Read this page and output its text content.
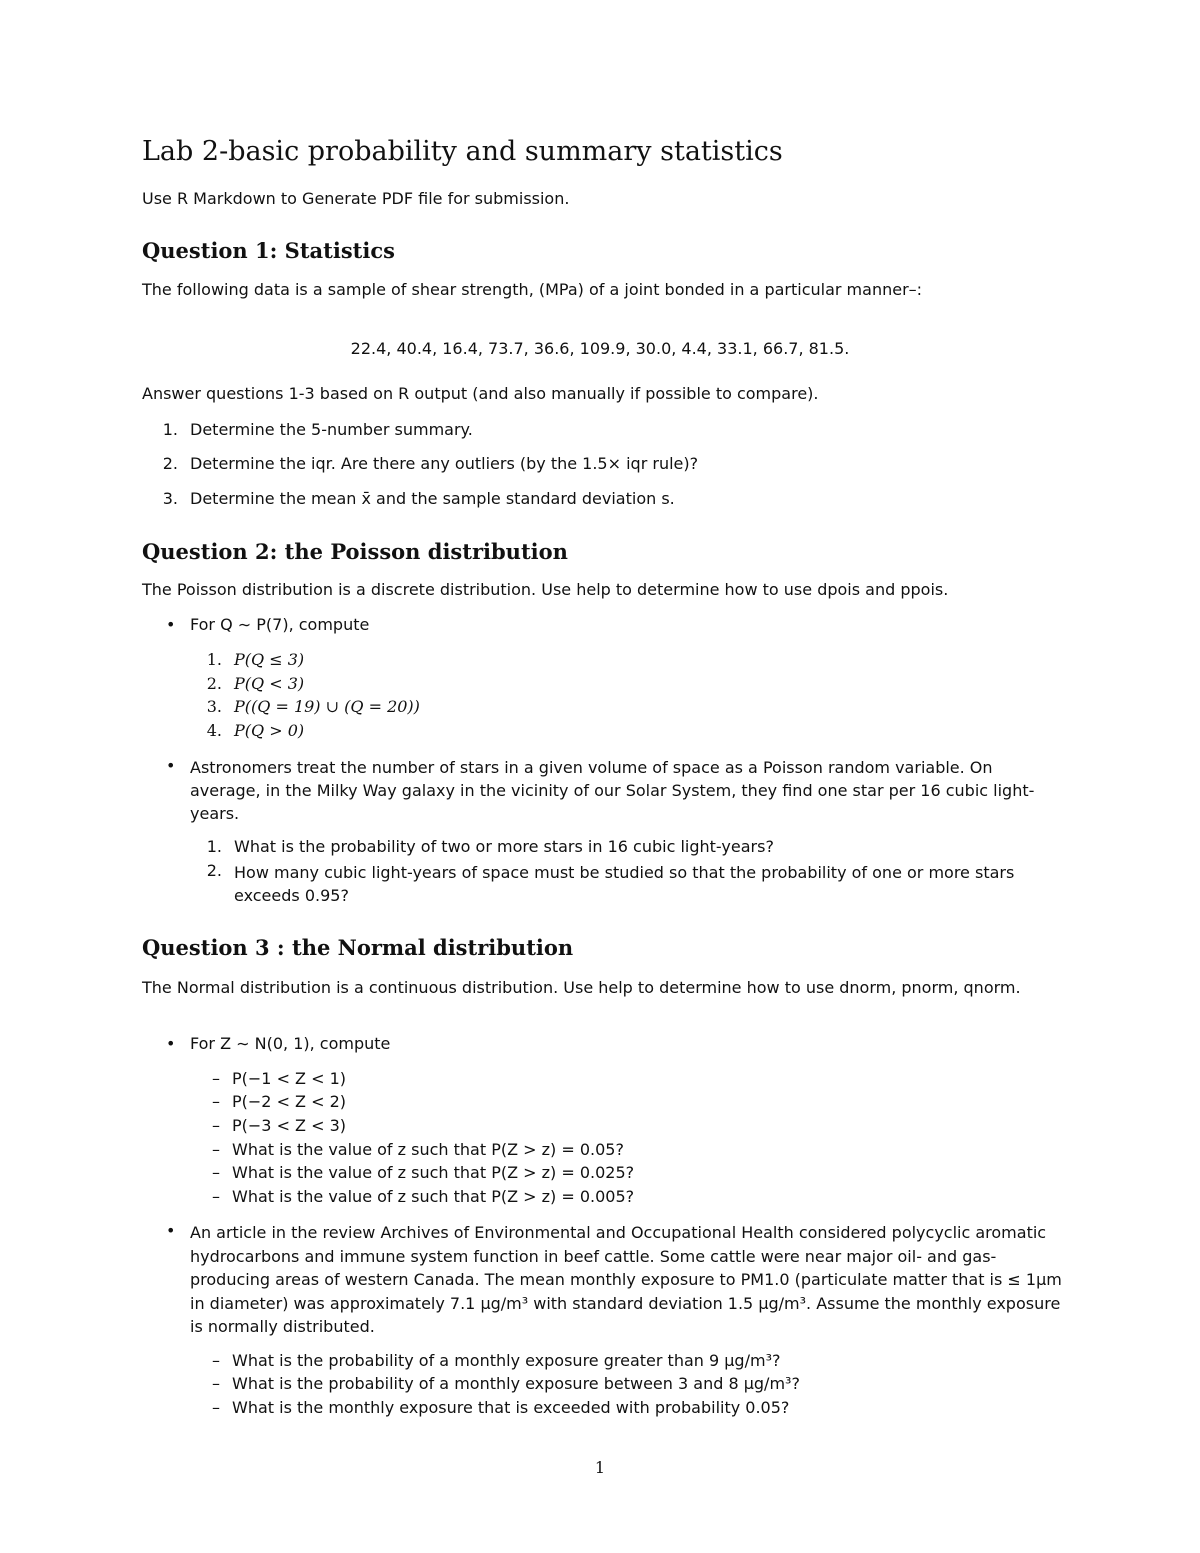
Lab 2-basic probability and summary statistics
Use R Markdown to Generate PDF file for submission.
Question 1: Statistics
The following data is a sample of shear strength, (MPa) of a joint bonded in a particular manner–:
22.4, 40.4, 16.4, 73.7, 36.6, 109.9, 30.0, 4.4, 33.1, 66.7, 81.5.
Answer questions 1-3 based on R output (and also manually if possible to compare).
1. Determine the 5-number summary.
2. Determine the iqr. Are there any outliers (by the 1.5× iqr rule)?
3. Determine the mean x̄ and the sample standard deviation s.
Question 2: the Poisson distribution
The Poisson distribution is a discrete distribution. Use help to determine how to use dpois and ppois.
• For Q ∼ P(7), compute
1. P(Q ≤ 3)
2. P(Q < 3)
3. P((Q = 19) ∪ (Q = 20))
4. P(Q > 0)
• Astronomers treat the number of stars in a given volume of space as a Poisson random variable. On average, in the Milky Way galaxy in the vicinity of our Solar System, they find one star per 16 cubic light-years.
1. What is the probability of two or more stars in 16 cubic light-years?
2. How many cubic light-years of space must be studied so that the probability of one or more stars exceeds 0.95?
Question 3 : the Normal distribution
The Normal distribution is a continuous distribution. Use help to determine how to use dnorm, pnorm, qnorm.
• For Z ∼ N(0, 1), compute
– P(−1 < Z < 1)
– P(−2 < Z < 2)
– P(−3 < Z < 3)
– What is the value of z such that P(Z > z) = 0.05?
– What is the value of z such that P(Z > z) = 0.025?
– What is the value of z such that P(Z > z) = 0.005?
• An article in the review Archives of Environmental and Occupational Health considered polycyclic aromatic hydrocarbons and immune system function in beef cattle. Some cattle were near major oil- and gas-producing areas of western Canada. The mean monthly exposure to PM1.0 (particulate matter that is ≤ 1μm in diameter) was approximately 7.1 μg/m³ with standard deviation 1.5 μg/m³. Assume the monthly exposure is normally distributed.
– What is the probability of a monthly exposure greater than 9 μg/m³?
– What is the probability of a monthly exposure between 3 and 8 μg/m³?
– What is the monthly exposure that is exceeded with probability 0.05?
1
